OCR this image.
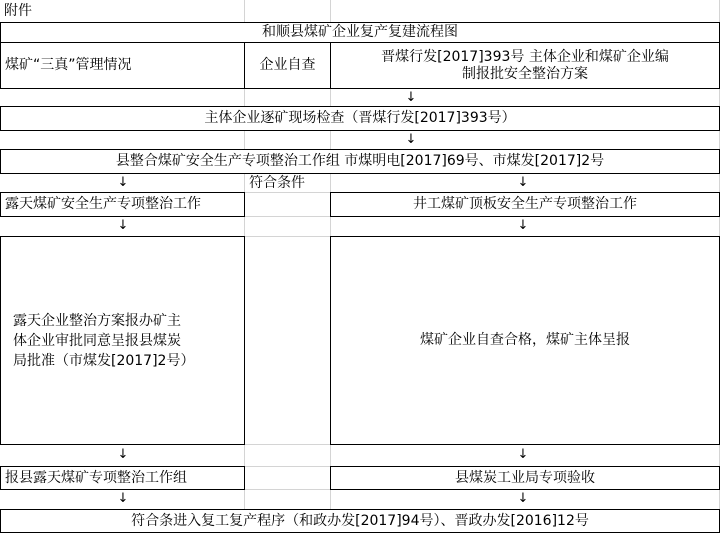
附件
和顺县煤矿企业复产复建流程图
煤矿“三真”管理情况	企业自查
晋煤行发[2017]393号 主体企业和煤矿企业编
制报批安全整治方案
↓
主体企业逐矿现场检查（晋煤行发[2017]393号）
↓
县整合煤矿安全生产专项整治工作组 市煤明电[2017]69号、市煤发[2017]2号
↓	符合条件	↓
露天煤矿安全生产专项整治工作	井工煤矿顶板安全生产专项整治工作
↓	↓
露天企业整治方案报办矿主
体企业审批同意呈报县煤炭
局批准（市煤发[2017]2号）
煤矿企业自查合格，煤矿主体呈报
↓	↓
报县露天煤矿专项整治工作组	县煤炭工业局专项验收
↓	↓
符合条进入复工复产程序（和政办发[2017]94号）、晋政办发[2016]12号
